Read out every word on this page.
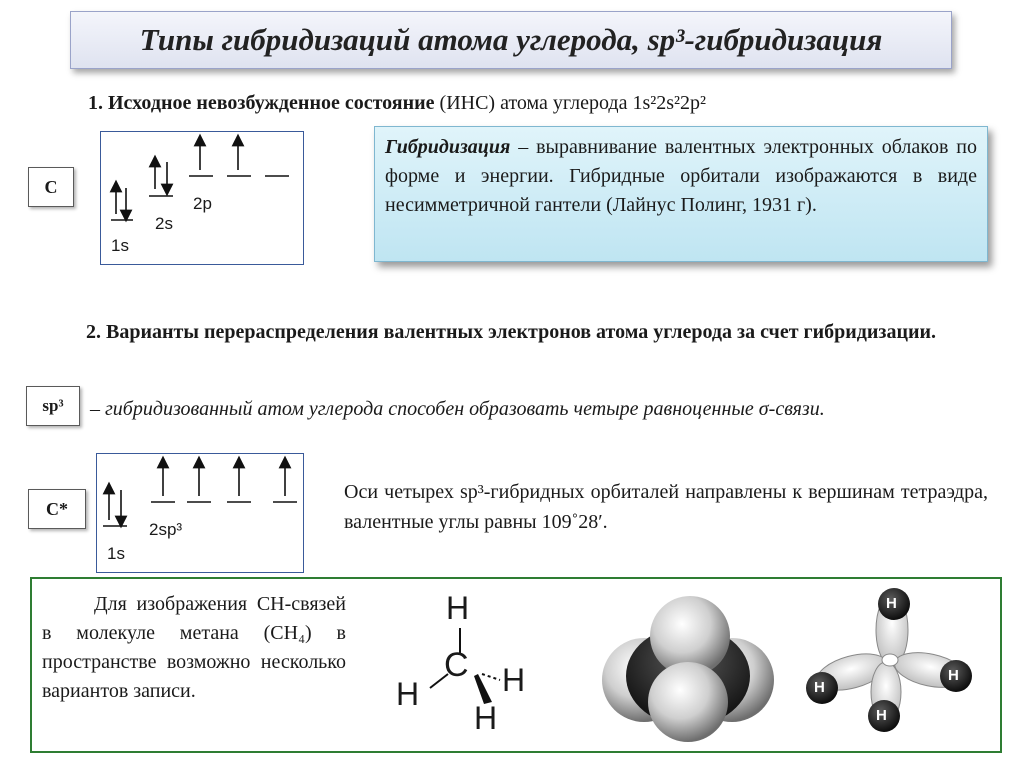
Типы гибридизаций атома углерода, sp³-гибридизация
1. Исходное невозбужденное состояние (ИНС) атома углерода 1s²2s²2p²
C
1s
2s
2p
Гибридизация – выравнивание валентных электронных облаков по форме и энергии. Гибридные орбитали изображаются в виде несимметричной гантели (Лайнус Полинг, 1931 г).
2. Варианты перераспределения валентных электронов атома углерода за счет гибридизации.
sp³ – гибридизованный атом углерода способен образовать четыре равноценные σ-связи.
C*
1s
2sp³
Оси четырех sp³-гибридных орбиталей направлены к вершинам тетраэдра, валентные углы равны 109˚28′.
Для изображения CH-связей в молекуле метана (CH₄) в пространстве возможно несколько вариантов записи.
H
C
H	H
H
H
H
H
H
